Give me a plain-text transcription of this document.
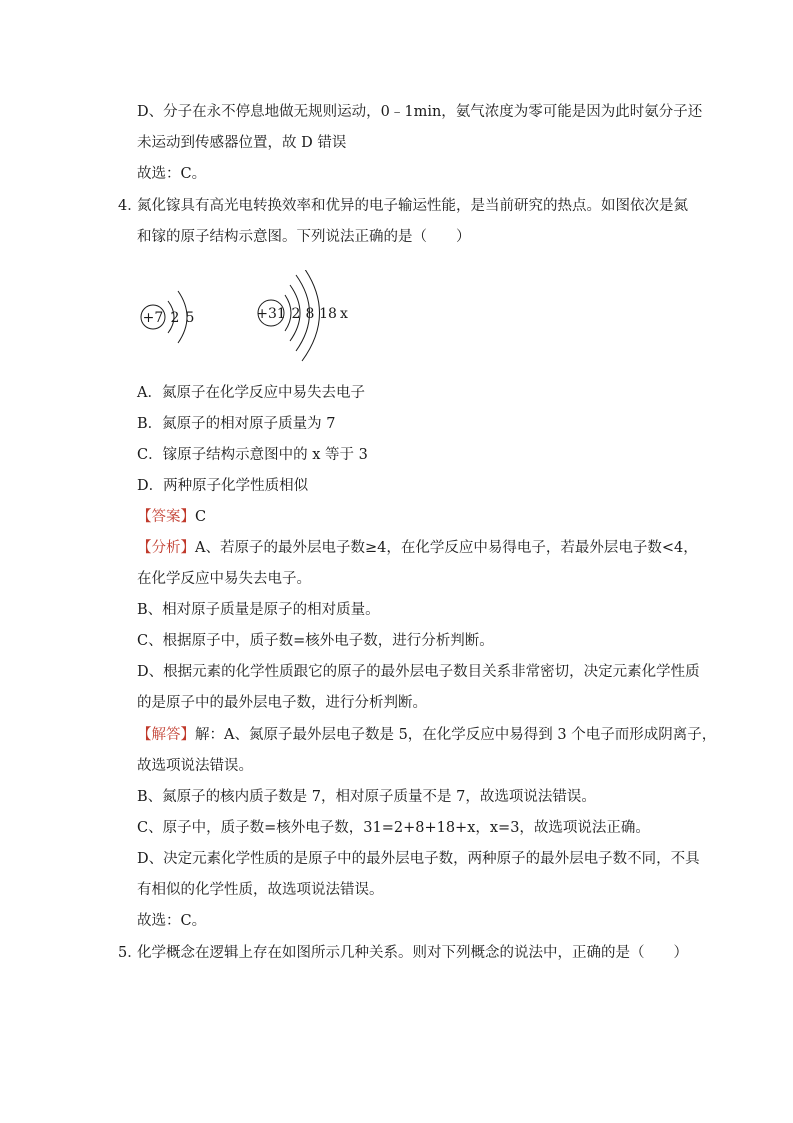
D、分子在永不停息地做无规则运动，0﹣1min，氨气浓度为零可能是因为此时氨分子还
未运动到传感器位置，故 D 错误
故选：C。
4．
氮化镓具有高光电转换效率和优异的电子输运性能，是当前研究的热点。如图依次是氮
和镓的原子结构示意图。下列说法正确的是（　　）
+7 2 5	+31 2 8 18 x
A．氮原子在化学反应中易失去电子
B．氮原子的相对原子质量为 7
C．镓原子结构示意图中的 x 等于 3
D．两种原子化学性质相似
【答案】C
【分析】A、若原子的最外层电子数≥4，在化学反应中易得电子，若最外层电子数<4，
在化学反应中易失去电子。
B、相对原子质量是原子的相对质量。
C、根据原子中，质子数=核外电子数，进行分析判断。
D、根据元素的化学性质跟它的原子的最外层电子数目关系非常密切，决定元素化学性质
的是原子中的最外层电子数，进行分析判断。
【解答】解：A、氮原子最外层电子数是 5，在化学反应中易得到 3 个电子而形成阴离子，
故选项说法错误。
B、氮原子的核内质子数是 7，相对原子质量不是 7，故选项说法错误。
C、原子中，质子数=核外电子数，31=2+8+18+x，x=3，故选项说法正确。
D、决定元素化学性质的是原子中的最外层电子数，两种原子的最外层电子数不同，不具
有相似的化学性质，故选项说法错误。
故选：C。
5．
化学概念在逻辑上存在如图所示几种关系。则对下列概念的说法中，正确的是（　　）
